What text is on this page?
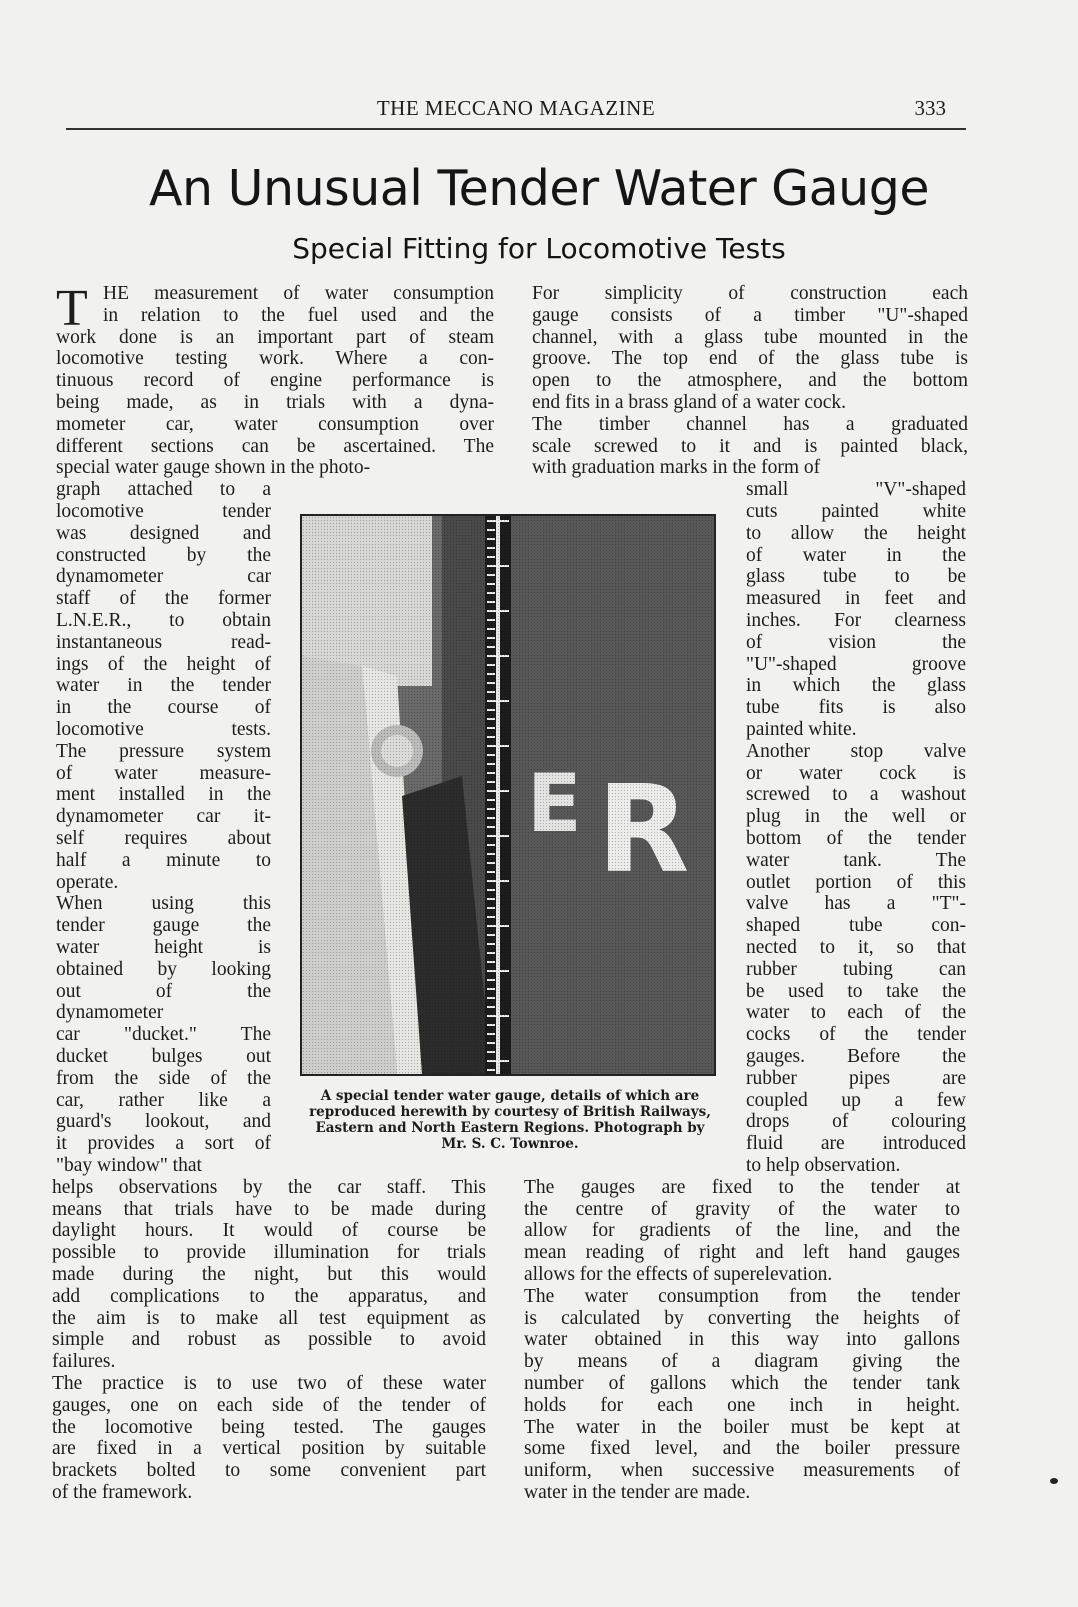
THE MECCANO MAGAZINE	333
An Unusual Tender Water Gauge
Special Fitting for Locomotive Tests
T HE measurement of water consumption
in relation to the fuel used and the
work done is an important part of steam
locomotive testing work. Where a con-
tinuous record of engine performance is
being made, as in trials with a dyna-
mometer car, water consumption over
different sections can be ascertained. The
special water gauge shown in the photo-
graph attached to a
locomotive tender
was designed and
constructed by the
dynamometer car
staff of the former
L.N.E.R., to obtain
instantaneous read-
ings of the height of
water in the tender
in the course of
locomotive tests.
The pressure system
of water measure-
ment installed in the
dynamometer car it-
self requires about
half a minute to
operate.
When using this
tender gauge the
water height is
obtained by looking
out of the
dynamometer
car "ducket." The
ducket bulges out
from the side of the
car, rather like a
guard's lookout, and
it provides a sort of
"bay window" that
helps observations by the car staff. This
means that trials have to be made during
daylight hours. It would of course be
possible to provide illumination for trials
made during the night, but this would
add complications to the apparatus, and
the aim is to make all test equipment as
simple and robust as possible to avoid
failures.
The practice is to use two of these water
gauges, one on each side of the tender of
the locomotive being tested. The gauges
are fixed in a vertical position by suitable
brackets bolted to some convenient part
of the framework.
For simplicity of construction each
gauge consists of a timber "U"-shaped
channel, with a glass tube mounted in the
groove. The top end of the glass tube is
open to the atmosphere, and the bottom
end fits in a brass gland of a water cock.
The timber channel has a graduated
scale screwed to it and is painted black,
with graduation marks in the form of
small "V"-shaped
cuts painted white
to allow the height
of water in the
glass tube to be
measured in feet and
inches. For clearness
of vision the
"U"-shaped groove
in which the glass
tube fits is also
painted white.
Another stop valve
or water cock is
screwed to a washout
plug in the well or
bottom of the tender
water tank. The
outlet portion of this
valve has a "T"-
shaped tube con-
nected to it, so that
rubber tubing can
be used to take the
water to each of the
cocks of the tender
gauges. Before the
rubber pipes are
coupled up a few
drops of colouring
fluid are introduced
to help observation.
The gauges are fixed to the tender at
the centre of gravity of the water to
allow for gradients of the line, and the
mean reading of right and left hand gauges
allows for the effects of superelevation.
The water consumption from the tender
is calculated by converting the heights of
water obtained in this way into gallons
by means of a diagram giving the
number of gallons which the tender tank
holds for each one inch in height.
The water in the boiler must be kept at
some fixed level, and the boiler pressure
uniform, when successive measurements of
water in the tender are made.
A special tender water gauge, details of which are
reproduced herewith by courtesy of British Railways,
Eastern and North Eastern Regions. Photograph by
Mr. S. C. Townroe.
